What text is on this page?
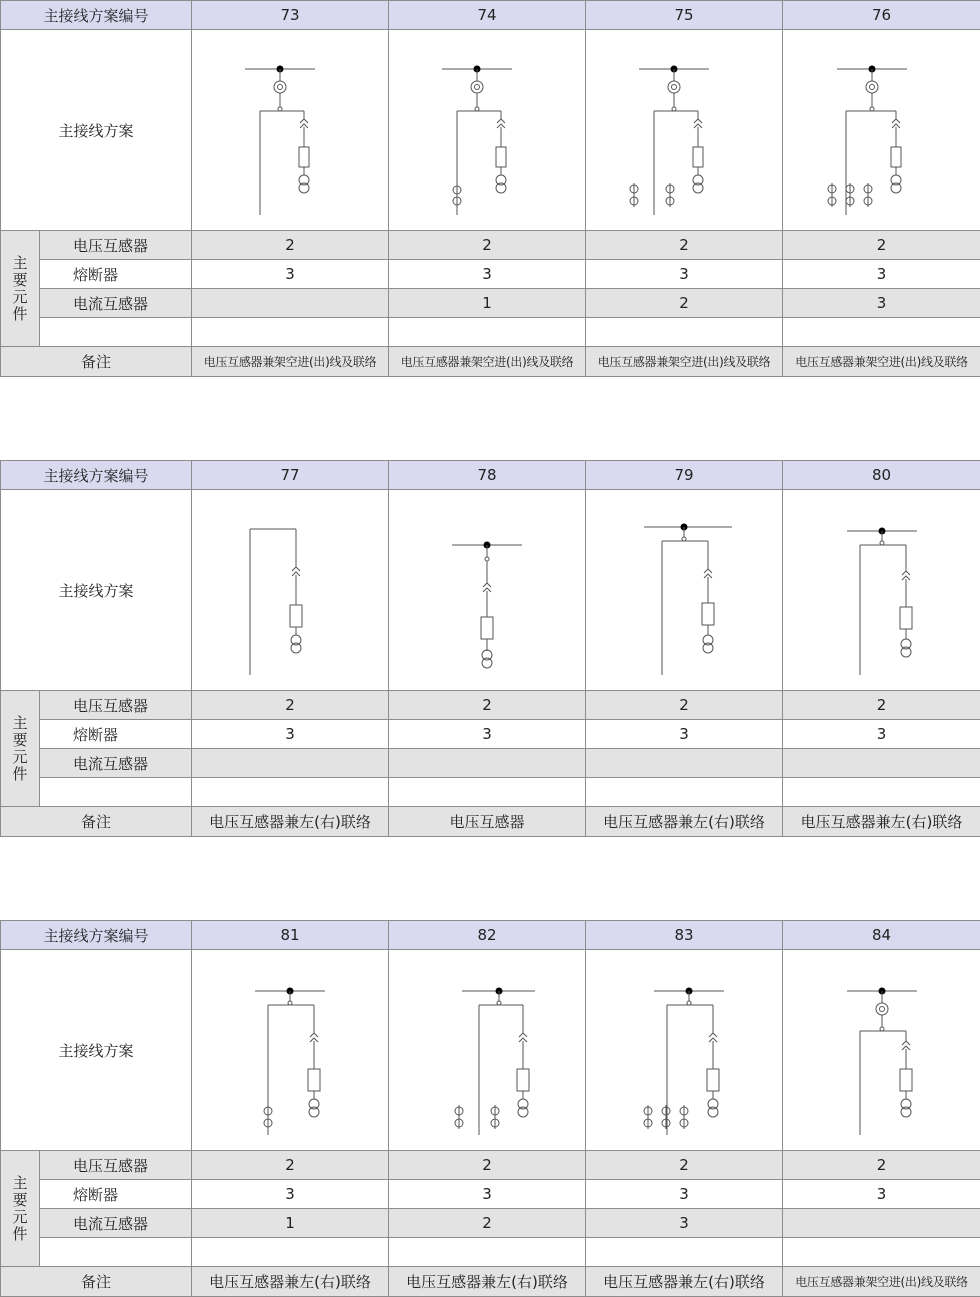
主接线方案编号		73	74	75	76
主接线方案	

主要元件	电压互感器	2	2	2	2
	熔断器	3	3	3	3
	电流互感器		1	2	3

备注		电压互感器兼架空进(出)线及联络	电压互感器兼架空进(出)线及联络	电压互感器兼架空进(出)线及联络	电压互感器兼架空进(出)线及联络
主接线方案编号		77	78	79	80
主接线方案	

主要元件	电压互感器	2	2	2	2
	熔断器	3	3	3	3
	电流互感器				

备注		电压互感器兼左(右)联络	电压互感器	电压互感器兼左(右)联络	电压互感器兼左(右)联络
主接线方案编号		81	82	83	84
主接线方案	

主要元件	电压互感器	2	2	2	2
	熔断器	3	3	3	3
	电流互感器	1	2	3	

备注		电压互感器兼左(右)联络	电压互感器兼左(右)联络	电压互感器兼左(右)联络	电压互感器兼架空进(出)线及联络
